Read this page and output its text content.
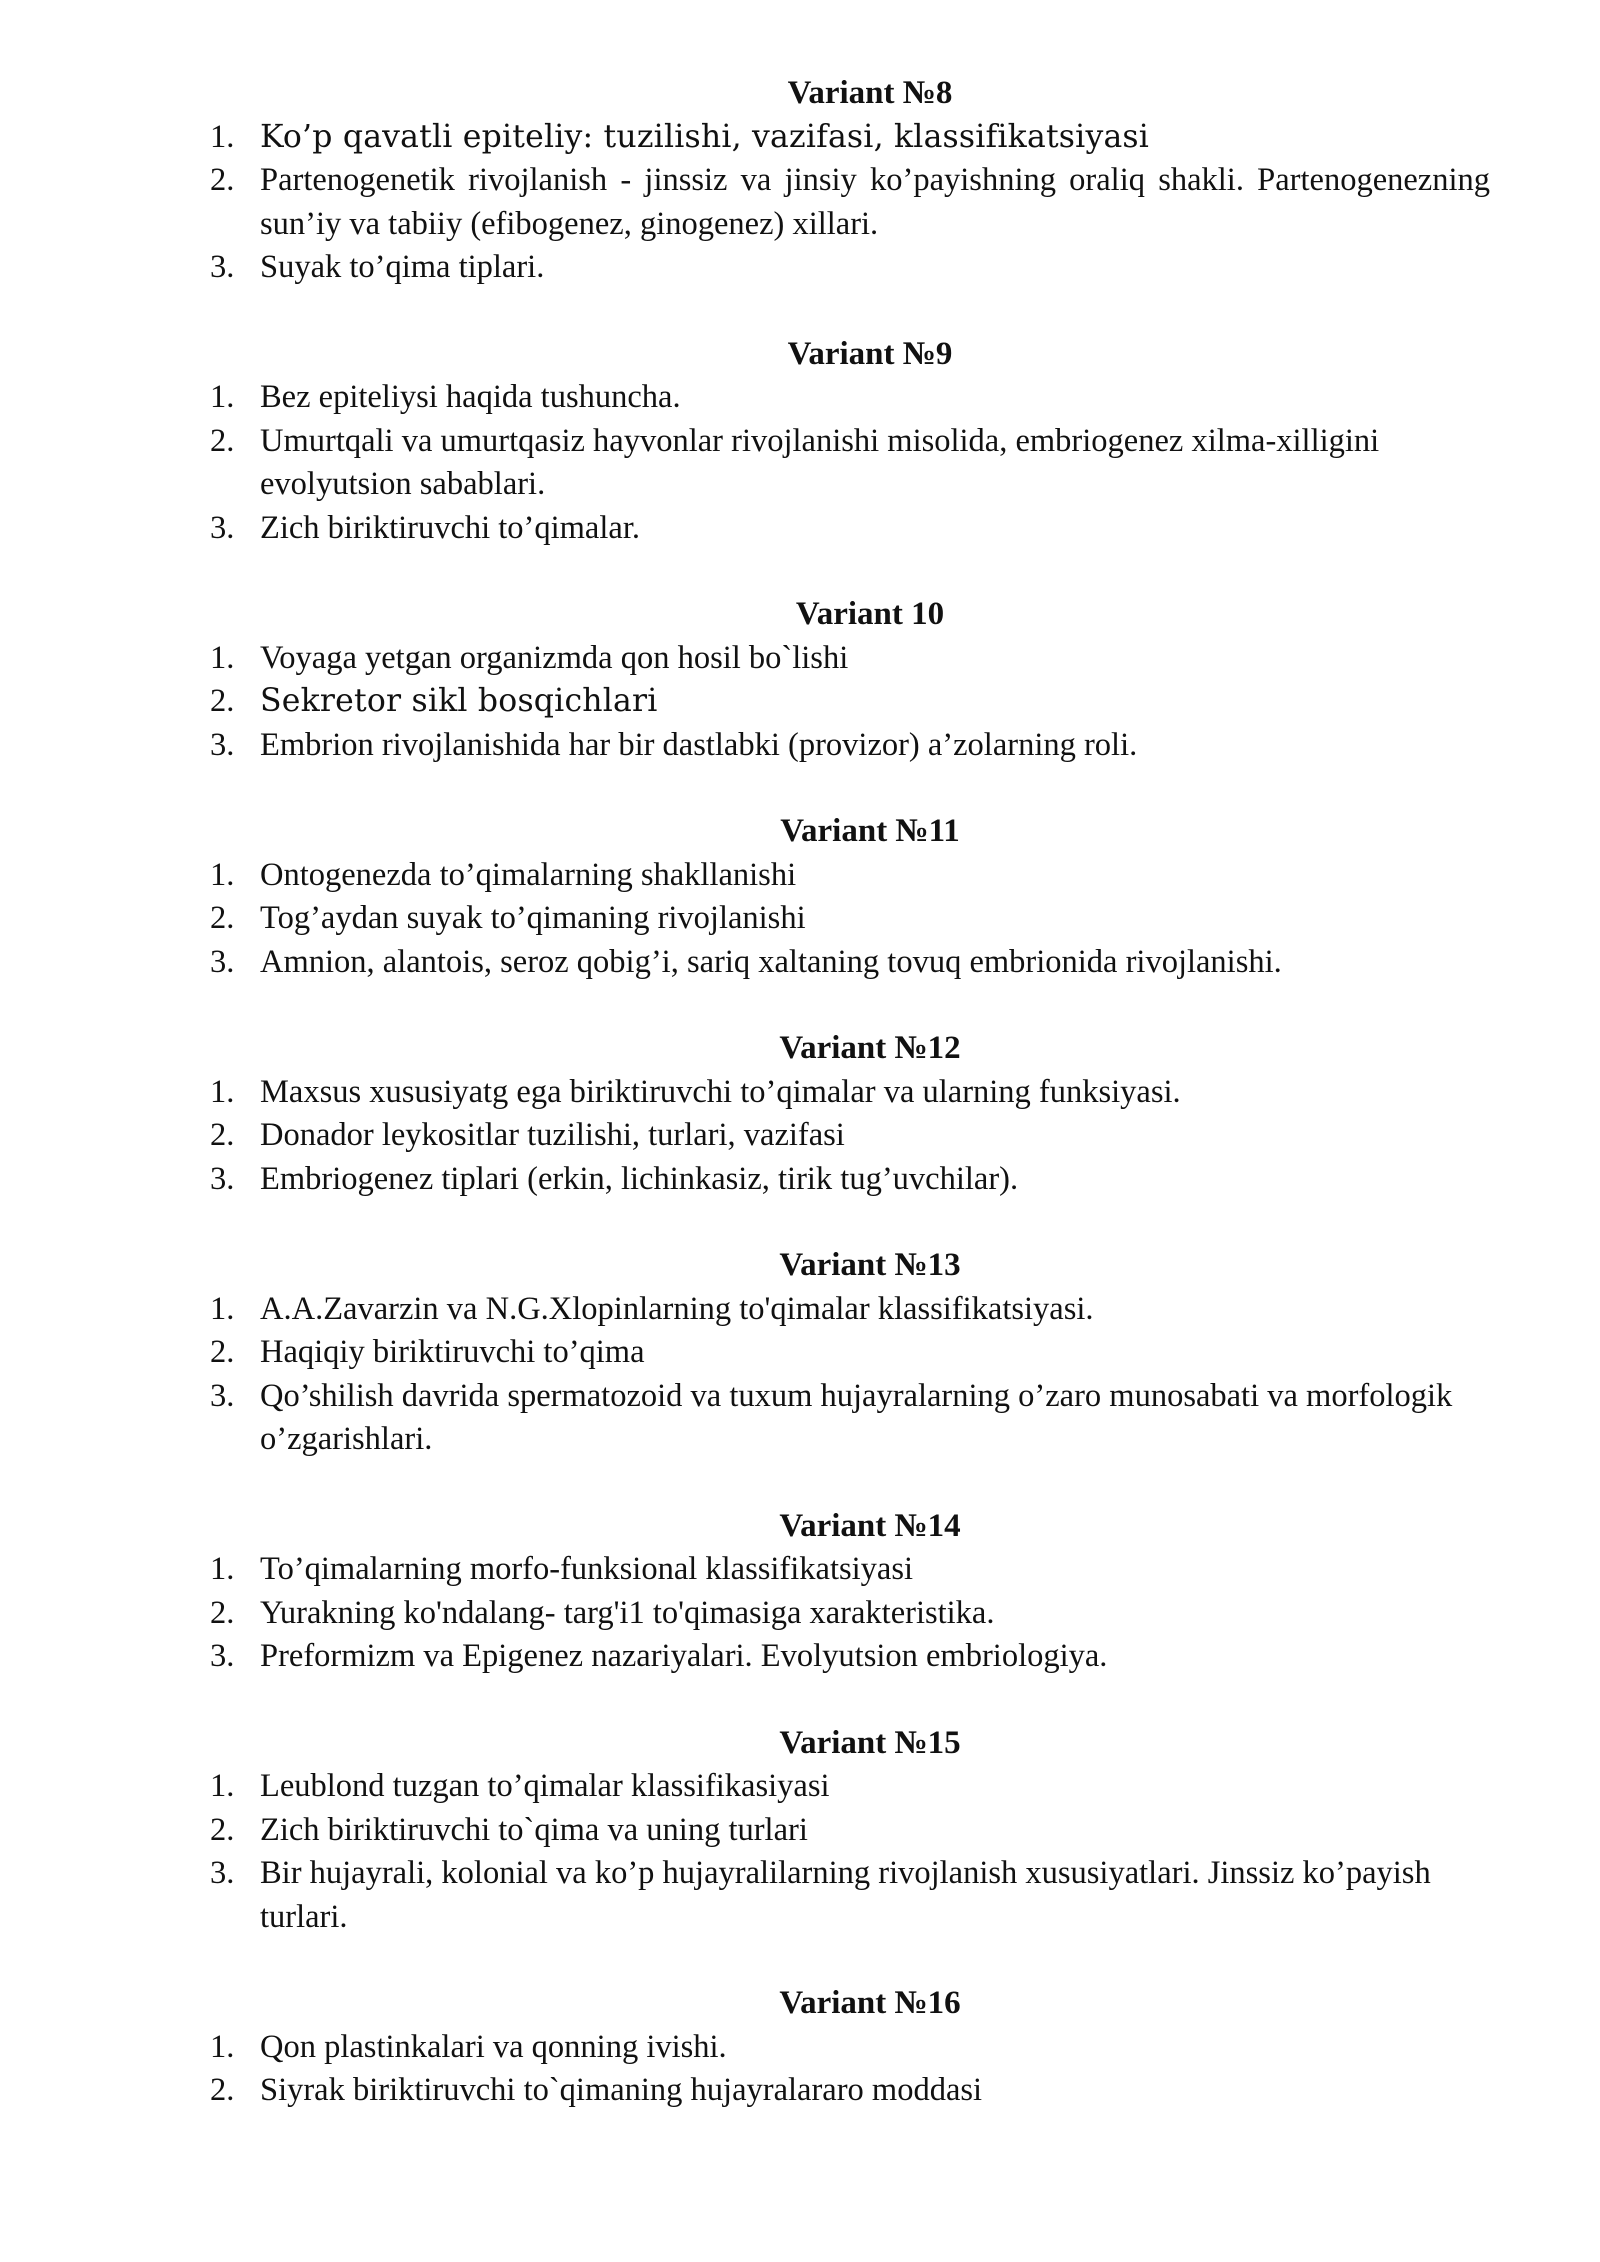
Variant №8
1. Ko’p qavatli epiteliy: tuzilishi, vazifasi, klassifikatsiyasi
2. Partenogenetik rivojlanish - jinssiz va jinsiy ko’payishning oraliq shakli. Partenogenezning sun’iy va tabiiy (efibogenez, ginogenez) xillari.
3. Suyak to’qima tiplari.
Variant №9
1. Bez epiteliysi haqida tushuncha.
2. Umurtqali va umurtqasiz hayvonlar rivojlanishi misolida, embriogenez xilma-xilligini evolyutsion sabablari.
3. Zich biriktiruvchi to’qimalar.
Variant 10
1. Voyaga yetgan organizmda qon hosil bo`lishi
2. Sekretor sikl bosqichlari
3. Embrion rivojlanishida har bir dastlabki (provizor) a’zolarning roli.
Variant №11
1. Ontogenezda to’qimalarning shakllanishi
2. Tog’aydan suyak to’qimaning rivojlanishi
3. Amnion, alantois, seroz qobig’i, sariq xaltaning tovuq embrionida rivojlanishi.
Variant №12
1. Maxsus xususiyatg ega biriktiruvchi to’qimalar va ularning funksiyasi.
2. Donador leykositlar tuzilishi, turlari, vazifasi
3. Embriogenez tiplari (erkin, lichinkasiz, tirik tug’uvchilar).
Variant №13
1. A.A.Zavarzin va N.G.Xlopinlarning to'qimalar klassifikatsiyasi.
2. Haqiqiy biriktiruvchi to’qima
3. Qo’shilish davrida spermatozoid va tuxum hujayralarning o’zaro munosabati va morfologik o’zgarishlari.
Variant №14
1. To’qimalarning morfo-funksional klassifikatsiyasi
2. Yurakning ko'ndalang- targ'i1 to'qimasiga xarakteristika.
3. Preformizm va Epigenez nazariyalari. Evolyutsion embriologiya.
Variant №15
1. Leublond tuzgan to’qimalar klassifikasiyasi
2. Zich biriktiruvchi to`qima va uning turlari
3. Bir hujayrali, kolonial va ko’p hujayralilarning rivojlanish xususiyatlari. Jinssiz ko’payish turlari.
Variant №16
1. Qon plastinkalari va qonning ivishi.
2. Siyrak biriktiruvchi to`qimaning hujayralararo moddasi
